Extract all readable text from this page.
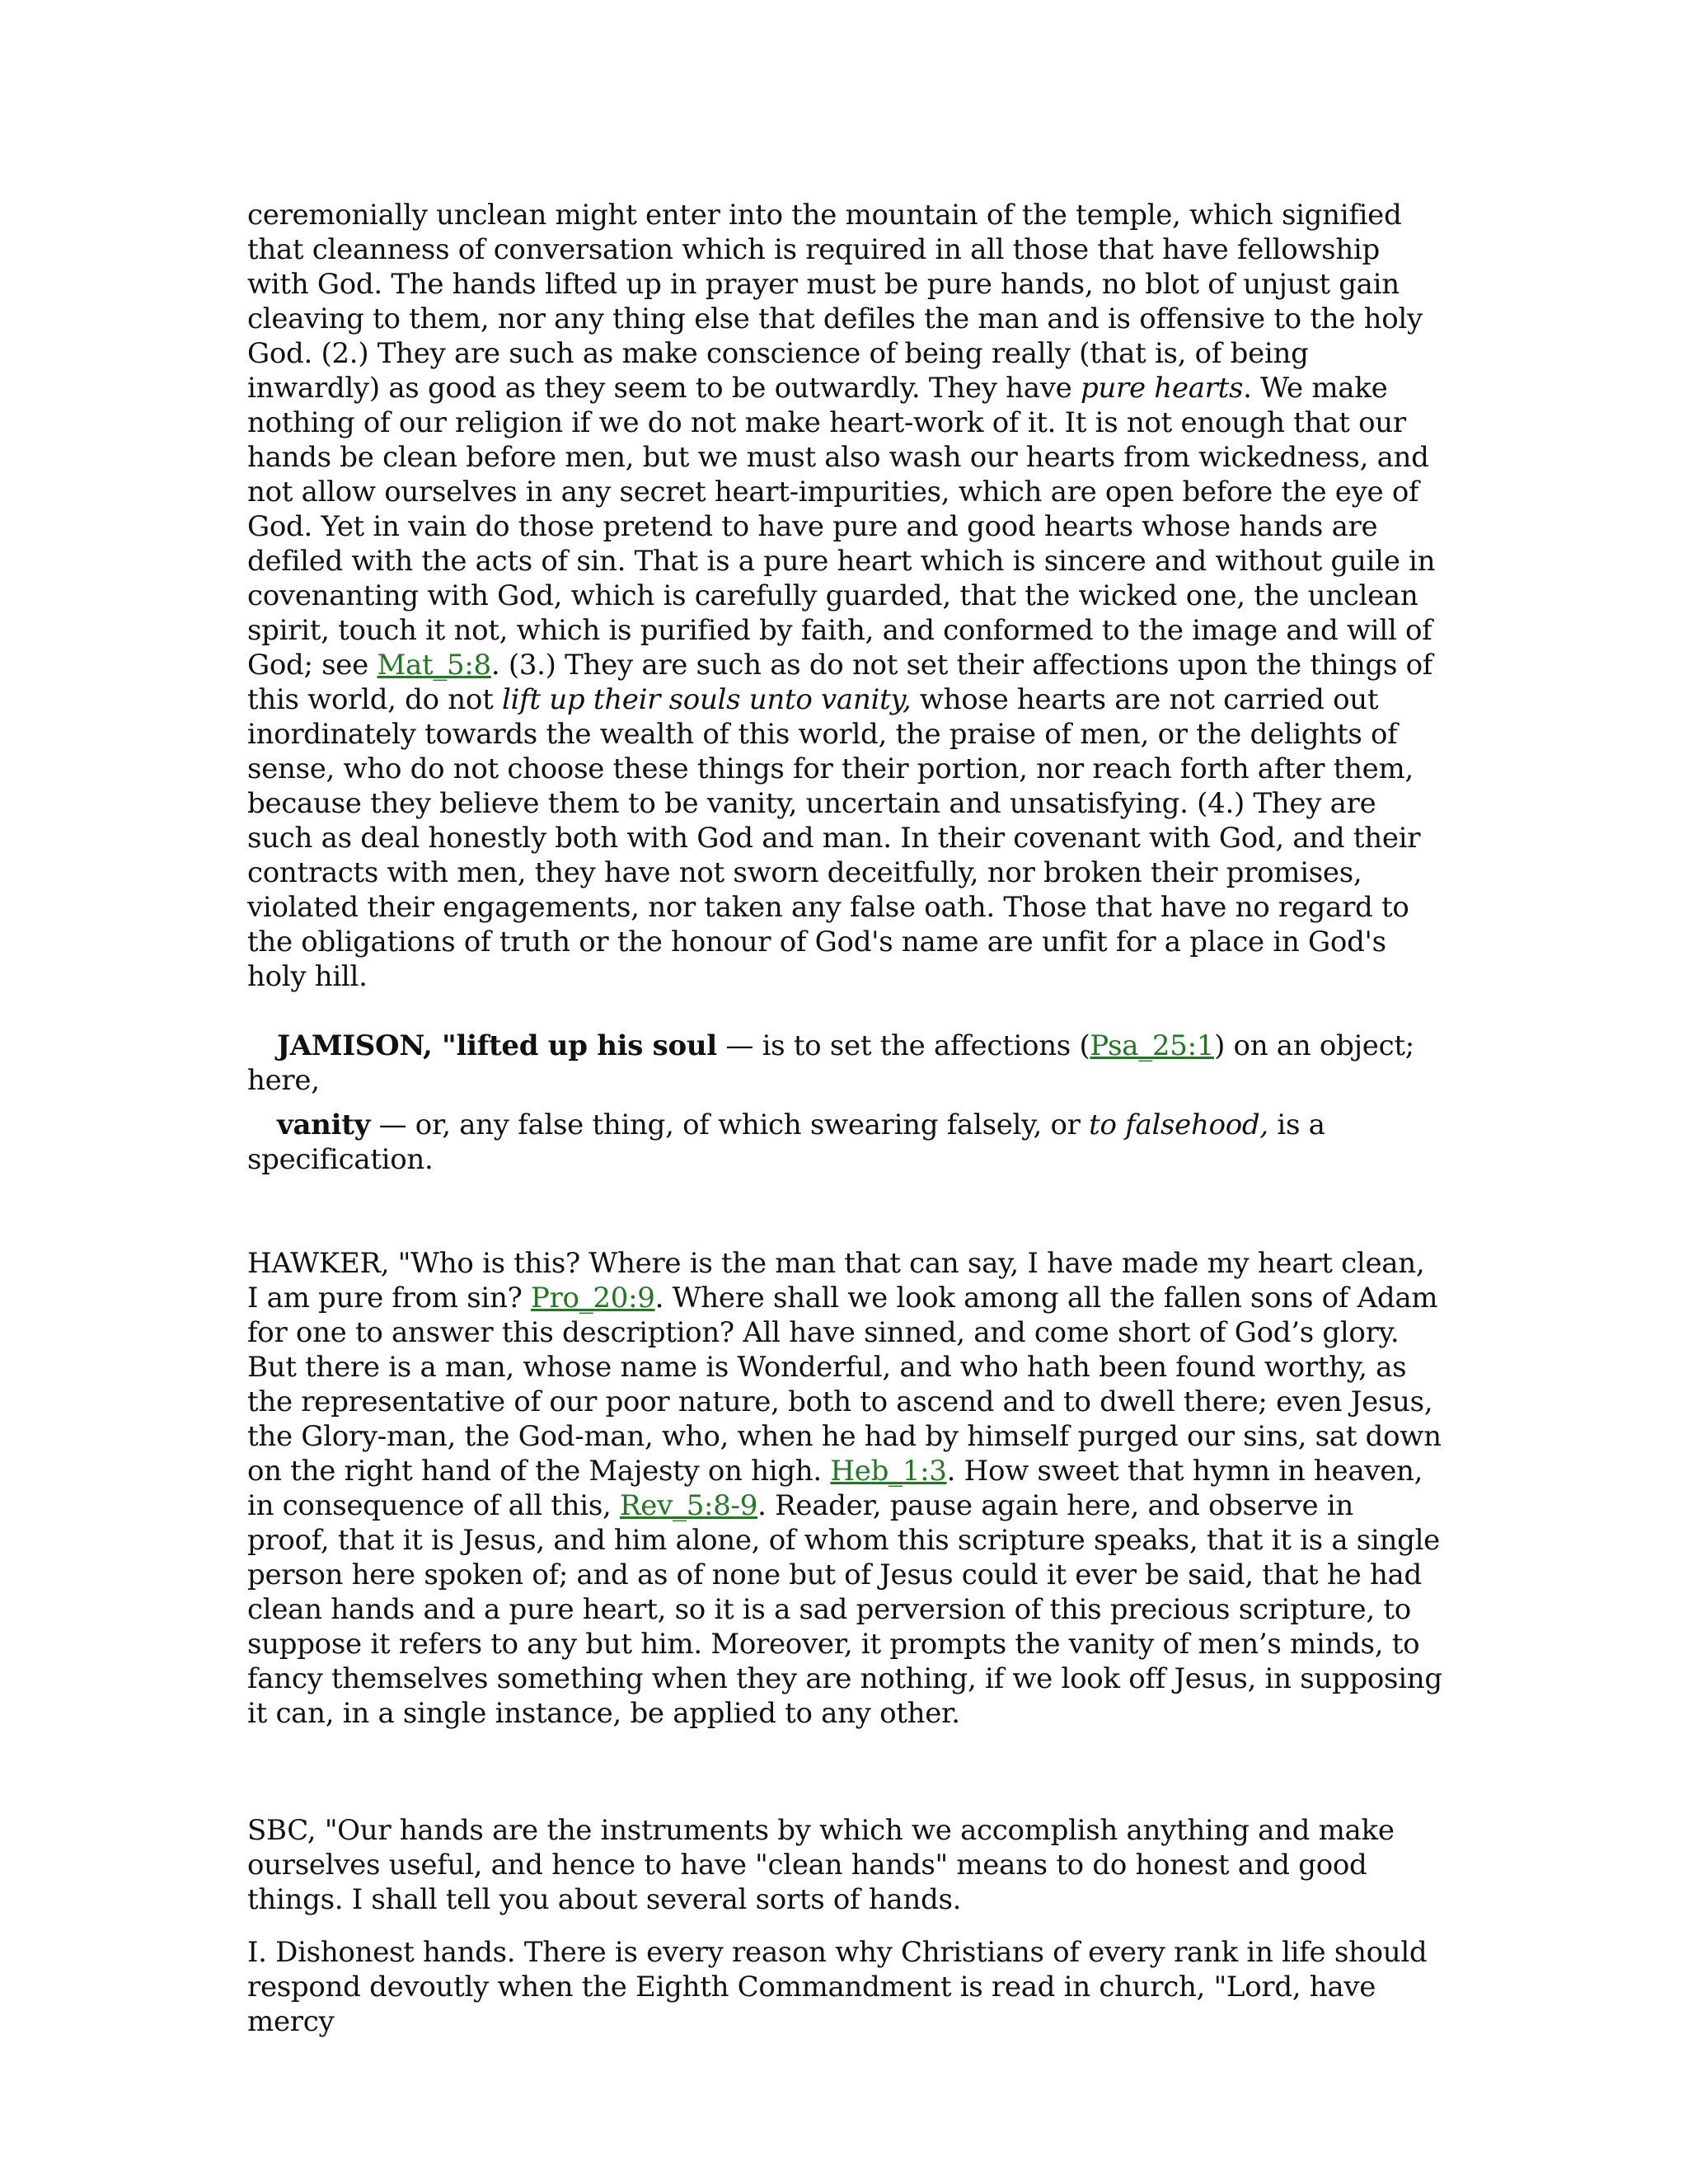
ceremonially unclean might enter into the mountain of the temple, which signified that cleanness of conversation which is required in all those that have fellowship with God. The hands lifted up in prayer must be pure hands, no blot of unjust gain cleaving to them, nor any thing else that defiles the man and is offensive to the holy God. (2.) They are such as make conscience of being really (that is, of being inwardly) as good as they seem to be outwardly. They have pure hearts. We make nothing of our religion if we do not make heart-work of it. It is not enough that our hands be clean before men, but we must also wash our hearts from wickedness, and not allow ourselves in any secret heart-impurities, which are open before the eye of God. Yet in vain do those pretend to have pure and good hearts whose hands are defiled with the acts of sin. That is a pure heart which is sincere and without guile in covenanting with God, which is carefully guarded, that the wicked one, the unclean spirit, touch it not, which is purified by faith, and conformed to the image and will of God; see Mat_5:8. (3.) They are such as do not set their affections upon the things of this world, do not lift up their souls unto vanity, whose hearts are not carried out inordinately towards the wealth of this world, the praise of men, or the delights of sense, who do not choose these things for their portion, nor reach forth after them, because they believe them to be vanity, uncertain and unsatisfying. (4.) They are such as deal honestly both with God and man. In their covenant with God, and their contracts with men, they have not sworn deceitfully, nor broken their promises, violated their engagements, nor taken any false oath. Those that have no regard to the obligations of truth or the honour of God's name are unfit for a place in God's holy hill.

JAMISON, "lifted up his soul — is to set the affections (Psa_25:1) on an object; here,

vanity — or, any false thing, of which swearing falsely, or to falsehood, is a specification.

HAWKER, "Who is this? Where is the man that can say, I have made my heart clean, I am pure from sin? Pro_20:9. Where shall we look among all the fallen sons of Adam for one to answer this description? All have sinned, and come short of God’s glory. But there is a man, whose name is Wonderful, and who hath been found worthy, as the representative of our poor nature, both to ascend and to dwell there; even Jesus, the Glory-man, the God-man, who, when he had by himself purged our sins, sat down on the right hand of the Majesty on high. Heb_1:3. How sweet that hymn in heaven, in consequence of all this, Rev_5:8-9. Reader, pause again here, and observe in proof, that it is Jesus, and him alone, of whom this scripture speaks, that it is a single person here spoken of; and as of none but of Jesus could it ever be said, that he had clean hands and a pure heart, so it is a sad perversion of this precious scripture, to suppose it refers to any but him. Moreover, it prompts the vanity of men’s minds, to fancy themselves something when they are nothing, if we look off Jesus, in supposing it can, in a single instance, be applied to any other.

SBC, "Our hands are the instruments by which we accomplish anything and make ourselves useful, and hence to have "clean hands" means to do honest and good things. I shall tell you about several sorts of hands.

I. Dishonest hands. There is every reason why Christians of every rank in life should respond devoutly when the Eighth Commandment is read in church, "Lord, have mercy
